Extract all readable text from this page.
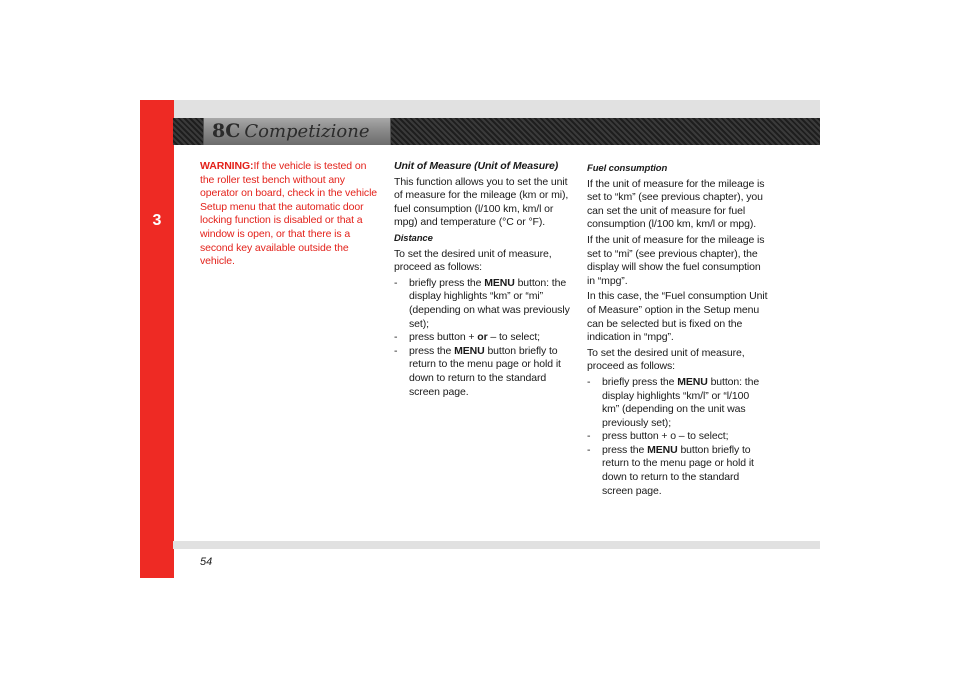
3
8C Competizione

WARNING:If the vehicle is tested on the roller test bench without any operator on board, check in the vehicle Setup menu that the automatic door locking function is disabled or that a window is open, or that there is a second key available outside the vehicle.

Unit of Measure (Unit of Measure)

This function allows you to set the unit of measure for the mileage (km or mi), fuel consumption (l/100 km, km/l or mpg) and temperature (°C or °F).

Distance

To set the desired unit of measure, proceed as follows:

- briefly press the MENU button: the display highlights “km” or “mi” (depending on what was previously set);
- press button + or – to select;
- press the MENU button briefly to return to the menu page or hold it down to return to the standard screen page.

Fuel consumption

If the unit of measure for the mileage is set to “km” (see previous chapter), you can set the unit of measure for fuel consumption (l/100 km, km/l or mpg).

If the unit of measure for the mileage is set to “mi” (see previous chapter), the display will show the fuel consumption in “mpg”.

In this case, the “Fuel consumption Unit of Measure” option in the Setup menu can be selected but is fixed on the indication in “mpg”.

To set the desired unit of measure, proceed as follows:

- briefly press the MENU button: the display highlights “km/l” or “l/100 km” (depending on the unit was previously set);
- press button + o – to select;
- press the MENU button briefly to return to the menu page or hold it down to return to the standard screen page.
54
